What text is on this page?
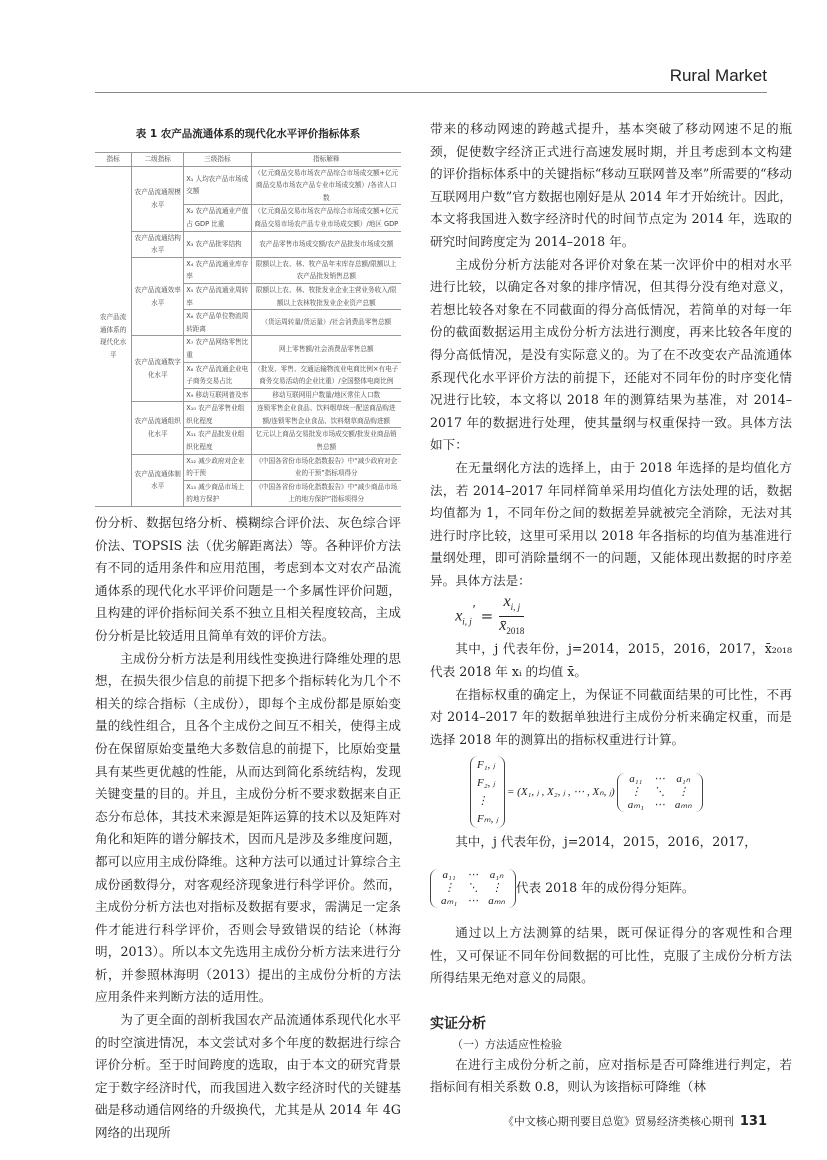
Rural Market
表 1 农产品流通体系的现代化水平评价指标体系
指标	二级指标	三级指标	指标解释
农产品流通体系的现代化水平	农产品流通规模水平	X₁ 人均农产品市场成交额	（亿元商品交易市场农产品综合市场成交额+亿元商品交易市场农产品专业市场成交额）/各省人口数
		X₂ 农产品流通业产值占 GDP 比重	（亿元商品交易市场农产品综合市场成交额+亿元商品交易市场农产品专业市场成交额）/地区 GDP
	农产品流通结构水平	X₃ 农产品批零结构	农产品零售市场成交额/农产品批发市场成交额
	农产品流通效率水平	X₄ 农产品流通业库存率	限额以上农、林、牧产品年末库存总额/限额以上农产品批发销售总额
		X₅ 农产品流通业周转率	限额以上农、林、牧批发业企业主营业务收入/限额以上农林牧批发业企业资产总额
		X₆ 农产品单位物流周转距离	（货运周转量/货运量）/社会消费品零售总额
	农产品流通数字化水平	X₇ 农产品网络零售比重	网上零售额/社会消费品零售总额
		X₈ 农产品流通企业电子商务交易占比	（批发、零售、交通运输物流业电商比例×有电子商务交易活动的企业比重）/全国整体电商比例
		X₉ 移动互联网普及率	移动互联网用户数量/地区常住人口数
	农产品流通组织化水平	X₁₀ 农产品零售业组织化程度	连锁零售企业食品、饮料烟草统一配送商品购进额/连锁零售企业食品、饮料烟草商品购进额
		X₁₁ 农产品批发业组织化程度	亿元以上商品交易批发市场成交额/批发业商品销售总额
	农产品流通体制水平	X₁₂ 减少政府对企业的干预	《中国各省份市场化指数报告》中“减少政府对企业的干预”指标项得分
		X₁₃ 减少商品市场上的地方保护	《中国各省份市场化指数报告》中“减少商品市场上的地方保护”指标项得分

份分析、数据包络分析、模糊综合评价法、灰色综合评价法、TOPSIS 法（优劣解距离法）等。各种评价方法有不同的适用条件和应用范围，考虑到本文对农产品流通体系的现代化水平评价问题是一个多属性评价问题，且构建的评价指标间关系不独立且相关程度较高，主成份分析是比较适用且简单有效的评价方法。

主成份分析方法是利用线性变换进行降维处理的思想，在损失很少信息的前提下把多个指标转化为几个不相关的综合指标（主成份），即每个主成份都是原始变量的线性组合，且各个主成份之间互不相关，使得主成份在保留原始变量绝大多数信息的前提下，比原始变量具有某些更优越的性能，从而达到简化系统结构，发现关键变量的目的。并且，主成份分析不要求数据来自正态分布总体，其技术来源是矩阵运算的技术以及矩阵对角化和矩阵的谱分解技术，因而凡是涉及多维度问题，都可以应用主成份降维。这种方法可以通过计算综合主成份函数得分，对客观经济现象进行科学评价。然而，主成份分析方法也对指标及数据有要求，需满足一定条件才能进行科学评价，否则会导致错误的结论（林海明，2013）。所以本文先选用主成份分析方法来进行分析，并参照林海明（2013）提出的主成份分析的方法应用条件来判断方法的适用性。

为了更全面的剖析我国农产品流通体系现代化水平的时空演进情况，本文尝试对多个年度的数据进行综合评价分析。至于时间跨度的选取，由于本文的研究背景定于数字经济时代，而我国进入数字经济时代的关键基础是移动通信网络的升级换代，尤其是从 2014 年 4G 网络的出现所

带来的移动网速的跨越式提升，基本突破了移动网速不足的瓶颈，促使数字经济正式进行高速发展时期，并且考虑到本文构建的评价指标体系中的关键指标“移动互联网普及率”所需要的“移动互联网用户数”官方数据也刚好是从 2014 年才开始统计。因此，本文将我国进入数字经济时代的时间节点定为 2014 年，选取的研究时间跨度定为 2014–2018 年。

主成份分析方法能对各评价对象在某一次评价中的相对水平进行比较，以确定各对象的排序情况，但其得分没有绝对意义，若想比较各对象在不同截面的得分高低情况，若简单的对每一年份的截面数据运用主成份分析方法进行测度，再来比较各年度的得分高低情况，是没有实际意义的。为了在不改变农产品流通体系现代化水平评价方法的前提下，还能对不同年份的时序变化情况进行比较，本文将以 2018 年的测算结果为基准，对 2014–2017 年的数据进行处理，使其量纲与权重保持一致。具体方法如下：

在无量纲化方法的选择上，由于 2018 年选择的是均值化方法，若 2014–2017 年同样简单采用均值化方法处理的话，数据均值都为 1，不同年份之间的数据差异就被完全消除，无法对其进行时序比较，这里可采用以 2018 年各指标的均值为基准进行量纲处理，即可消除量纲不一的问题，又能体现出数据的时序差异。具体方法是：

$x_{i, j}' = \frac{x_{i, j}}{x̄_{2018}}$

其中，j 代表年份，j=2014，2015，2016，2017，x̄₂₀₁₈ 代表 2018 年 xᵢ 的均值 x̄。

在指标权重的确定上，为保证不同截面结果的可比性，不再对 2014–2017 年的数据单独进行主成份分析来确定权重，而是选择 2018 年的测算出的指标权重进行计算。

F₁, ⱼ
F₂, ⱼ
⋮
Fₘ, ⱼ
= (X₁, ⱼ , X₂, ⱼ , ⋯ , Xₙ, ⱼ)
a₁₁	⋯	a₁ₙ
⋮	⋱	⋮
aₘ₁	⋯	aₘₙ

其中，j 代表年份，j=2014，2015，2016，2017，

a₁₁	⋯	a₁ₙ
⋮	⋱	⋮
aₘ₁	⋯	aₘₙ
代表 2018 年的成份得分矩阵。

通过以上方法测算的结果，既可保证得分的客观性和合理性，又可保证不同年份间数据的可比性，克服了主成份分析方法所得结果无绝对意义的局限。

实证分析
（一）方法适应性检验

在进行主成份分析之前，应对指标是否可降维进行判定，若指标间有相关系数 0.8，则认为该指标可降维（林

《中文核心期刊要目总览》贸易经济类核心期刊 131
